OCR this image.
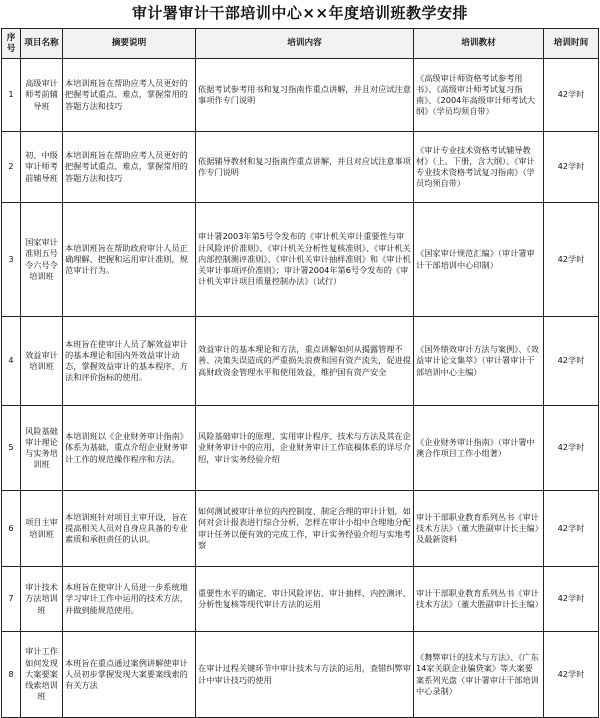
审计署审计干部培训中心××年度培训班教学安排
序号	项目名称	摘要说明	培训内容	培训教材	培训时间
1	高级审计师考前辅导班	本培训班旨在帮助应考人员更好的把握考试重点、难点，掌握常用的答题方法和技巧	依据考试参考用书和复习指南作重点讲解，并且对应试注意事项作专门说明	《高级审计师资格考试参考用书》、《高级审计师考试复习指南》、《2004年高级审计师考试大纲》（学员均须自带）	42学时
2	初、中级审计师考前辅导班	本培训班旨在帮助应考人员更好的把握考试重点、难点，掌握常用的答题方法和技巧	依据辅导教材和复习指南作重点讲解，并且对应试注意事项作专门说明	《审计专业技术资格考试辅导教材》（上、下册，含大纲）、《审计专业技术资格考试复习指南》（学员均须自带）	42学时
3	国家审计准则五号令六号令培训班	本培训班旨在帮助政府审计人员正确理解、把握和运用审计准则，规范审计行为。	审计署2003年第5号令发布的《审计机关审计重要性与审计风险评价准则》、《审计机关分析性复核准则》、《审计机关内部控制测评准则》、《审计机关审计抽样准则》和《审计机关审计事项评价准则》；审计署2004年第6号令发布的《审计机关审计项目质量控制办法》（试行）	《国家审计规范汇编》（审计署审计干部培训中心印制）	42学时
4	效益审计培训班	本班旨在使审计人员了解效益审计的基本理论和国内外效益审计动态，掌握效益审计的基本程序、方法和评价指标的使用。	效益审计的基本理论和方法，重点讲解如何从揭露管理不善、决策失误造成的严重损失浪费和国有资产流失，促进提高财政资金管理水平和使用效益，维护国有资产安全	《国外绩效审计方法与案例》、《效益审计论文集萃》（审计署审计干部培训中心主编）	42学时
5	风险基础审计理论与实务培训班	本培训班以《企业财务审计指南》体系为基础，重点介绍企业财务审计工作的规范操作程序和方法。	风险基础审计的原理、实用审计程序、技术与方法及其在企业财务审计中的应用，企业财务审计工作底稿体系的详尽介绍，审计实务经验介绍	《企业财务审计指南》（审计署中澳合作项目工作小组著）	42学时
6	项目主审培训班	本培训班针对项目主审开设，旨在提高相关人员对自身应具备的专业素质和承担责任的认识。	如何测试被审计单位的内控制度、制定合理的审计计划，如何对会计报表进行综合分析，怎样在审计小组中合理地分配审计任务以便有效的完成工作，审计实务经验介绍与实地考察	审计干部职业教育系列丛书《审计技术方法》（董大胜副审计长主编）及最新资料	42学时
7	审计技术方法培训班	本班旨在使审计人员进一步系统地学习审计工作中运用的技术方法，并做到能规范使用。	重要性水平的确定、审计风险评估、审计抽样、内控测评、分析性复核等现代审计方法的运用	审计干部职业教育系列丛书《审计技术方法》（董大胜副审计长主编）	42学时
8	审计工作如何发现大案要案线索培训班	本班旨在重点通过案例讲解使审计人员初步掌握发现大案要案线索的有关方法	在审计过程关键环节中审计技术与方法的运用，查错纠弊审计中审计技巧的使用	《舞弊审计的技术与方法》、《广东14家关联企业骗贷案》等大案要案系列光盘（审计署审计干部培训中心录制）	42学时
